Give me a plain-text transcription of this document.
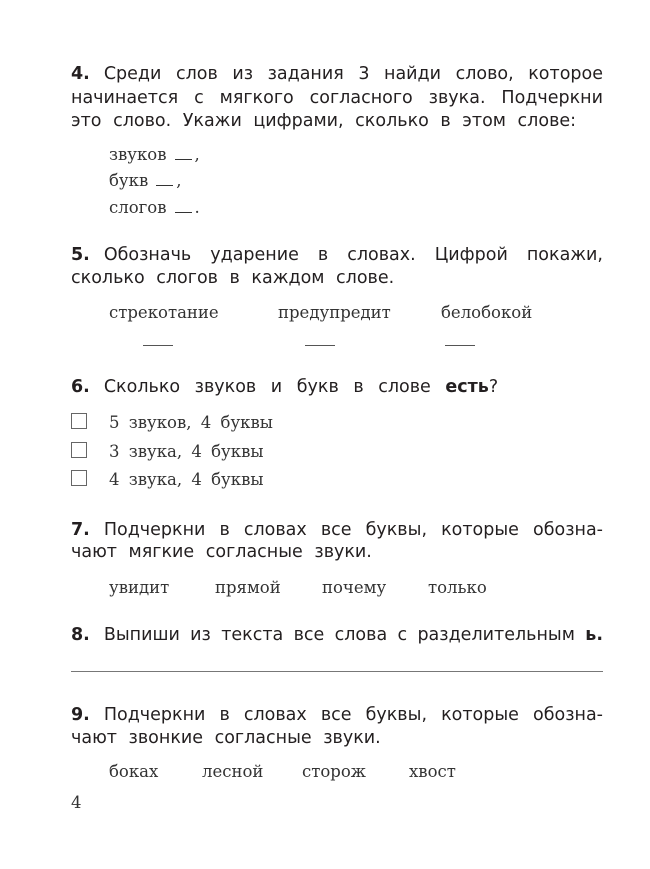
4. Среди слов из задания 3 найди слово, которое
начинается с мягкого согласного звука. Подчеркни
это слово. Укажи цифрами, сколько в этом слове:
звуков ,
букв ,
слогов .
5. Обозначь ударение в словах. Цифрой покажи,
сколько слогов в каждом слове.
стрекотание	предупредит	белобокой
6. Сколько звуков и букв в слове есть?
5 звуков, 4 буквы
3 звука, 4 буквы
4 звука, 4 буквы
7. Подчеркни в словах все буквы, которые обозна-
чают мягкие согласные звуки.
увидит	прямой	почему	только
8. Выпиши из текста все слова с разделительным ь.
9. Подчеркни в словах все буквы, которые обозна-
чают звонкие согласные звуки.
боках	лесной сторож	хвост
4
